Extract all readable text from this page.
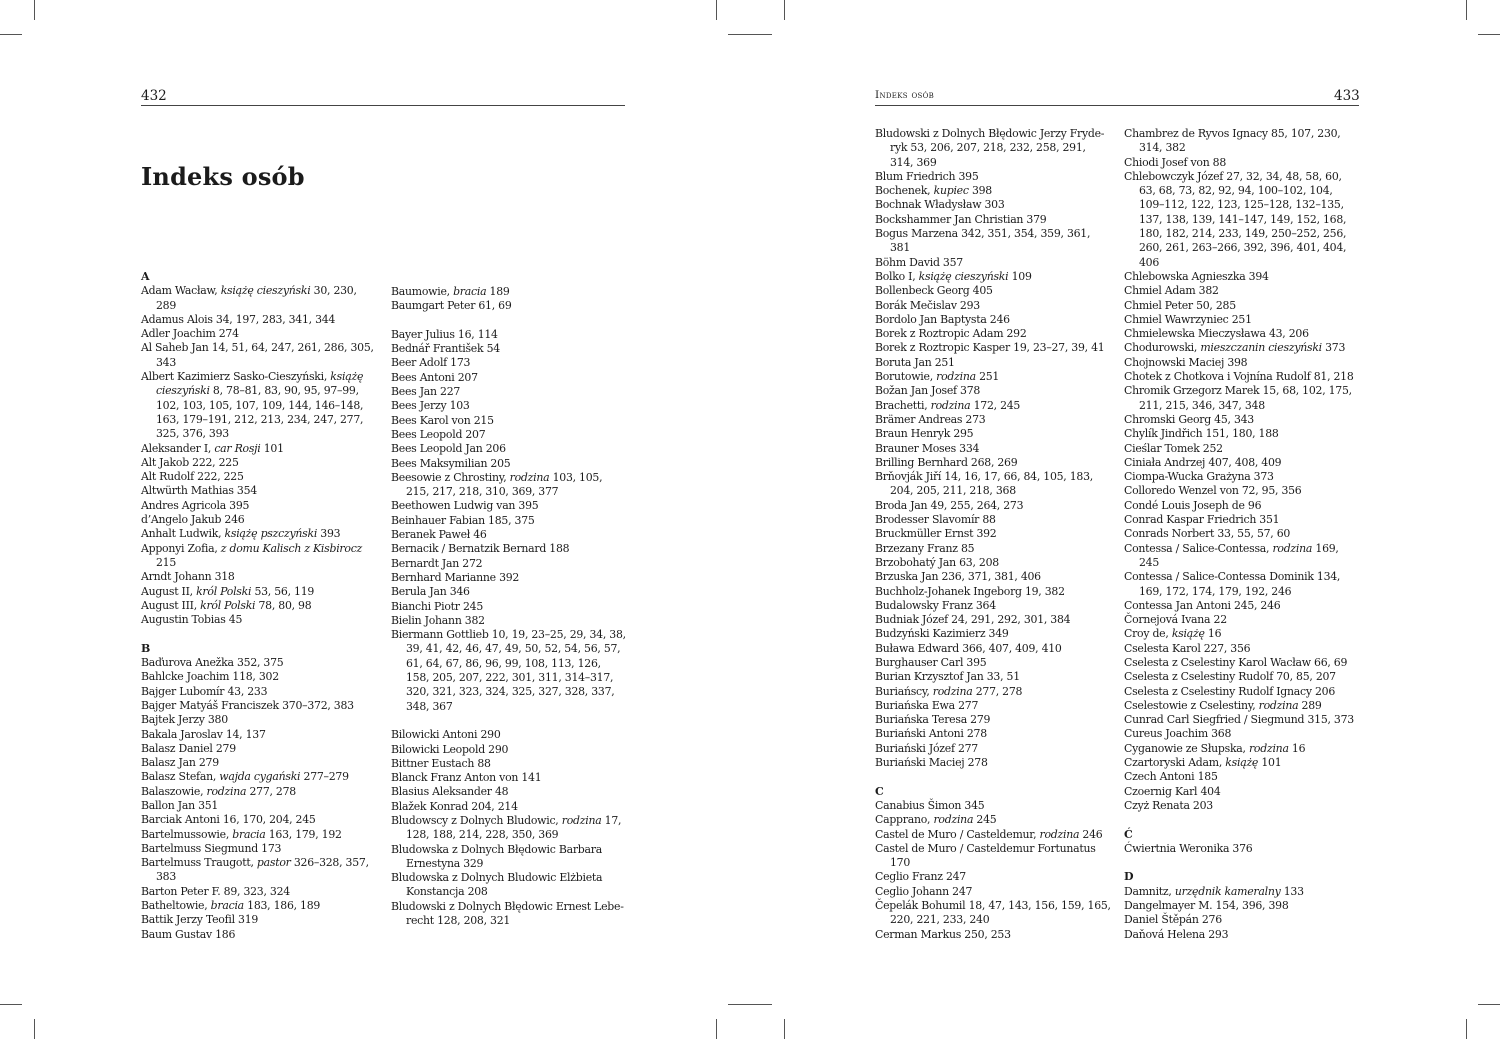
432
Indeks osób
A
Adam Wacław, książę cieszyński 30, 230, 289
Adamus Alois 34, 197, 283, 341, 344
Adler Joachim 274
Al Saheb Jan 14, 51, 64, 247, 261, 286, 305, 343
Albert Kazimierz Sasko-Cieszyński, książę cieszyński 8, 78–81, 83, 90, 95, 97–99, 102, 103, 105, 107, 109, 144, 146–148, 163, 179–191, 212, 213, 234, 247, 277, 325, 376, 393
Aleksander I, car Rosji 101
Alt Jakob 222, 225
Alt Rudolf 222, 225
Altwürth Mathias 354
Andres Agricola 395
d’Angelo Jakub 246
Anhalt Ludwik, książę pszczyński 393
Apponyi Zofia, z domu Kalisch z Kisbirocz 215
Arndt Johann 318
August II, król Polski 53, 56, 119
August III, król Polski 78, 80, 98
Augustin Tobias 45
B
Baďurova Anežka 352, 375
Bahlcke Joachim 118, 302
Bajger Lubomír 43, 233
Bajger Matyáš Franciszek 370–372, 383
Bajtek Jerzy 380
Bakala Jaroslav 14, 137
Balasz Daniel 279
Balasz Jan 279
Balasz Stefan, wajda cygański 277–279
Balaszowie, rodzina 277, 278
Ballon Jan 351
Barciak Antoni 16, 170, 204, 245
Bartelmussowie, bracia 163, 179, 192
Bartelmuss Siegmund 173
Bartelmuss Traugott, pastor 326–328, 357, 383
Barton Peter F. 89, 323, 324
Batheltowie, bracia 183, 186, 189
Battik Jerzy Teofil 319
Baum Gustav 186
Baumowie, bracia 189
Baumgart Peter 61, 69
Bayer Julius 16, 114
Bednář František 54
Beer Adolf 173
Bees Antoni 207
Bees Jan 227
Bees Jerzy 103
Bees Karol von 215
Bees Leopold 207
Bees Leopold Jan 206
Bees Maksymilian 205
Beesowie z Chrostiny, rodzina 103, 105, 215, 217, 218, 310, 369, 377
Beethowen Ludwig van 395
Beinhauer Fabian 185, 375
Beranek Paweł 46
Bernacik / Bernatzik Bernard 188
Bernardt Jan 272
Bernhard Marianne 392
Berula Jan 346
Bianchi Piotr 245
Bielin Johann 382
Biermann Gottlieb 10, 19, 23–25, 29, 34, 38, 39, 41, 42, 46, 47, 49, 50, 52, 54, 56, 57, 61, 64, 67, 86, 96, 99, 108, 113, 126, 158, 205, 207, 222, 301, 311, 314–317, 320, 321, 323, 324, 325, 327, 328, 337, 348, 367
Bilowicki Antoni 290
Bilowicki Leopold 290
Bittner Eustach 88
Blanck Franz Anton von 141
Blasius Aleksander 48
Blažek Konrad 204, 214
Bludowscy z Dolnych Bludowic, rodzina 17, 128, 188, 214, 228, 350, 369
Bludowska z Dolnych Błędowic Barbara Ernestyna 329
Bludowska z Dolnych Bludowic Elżbieta Konstancja 208
Bludowski z Dolnych Błędowic Ernest Lebe-recht 128, 208, 321
Indeks osób	433
Bludowski z Dolnych Błędowic Jerzy Fryde-ryk 53, 206, 207, 218, 232, 258, 291, 314, 369
Blum Friedrich 395
Bochenek, kupiec 398
Bochnak Władysław 303
Bockshammer Jan Christian 379
Bogus Marzena 342, 351, 354, 359, 361, 381
Böhm David 357
Bolko I, książę cieszyński 109
Bollenbeck Georg 405
Borák Mečislav 293
Bordolo Jan Baptysta 246
Borek z Roztropic Adam 292
Borek z Roztropic Kasper 19, 23–27, 39, 41
Boruta Jan 251
Borutowie, rodzina 251
Božan Jan Josef 378
Brachetti, rodzina 172, 245
Brämer Andreas 273
Braun Henryk 295
Brauner Moses 334
Brilling Bernhard 268, 269
Brňovják Jiří 14, 16, 17, 66, 84, 105, 183, 204, 205, 211, 218, 368
Broda Jan 49, 255, 264, 273
Brodesser Slavomír 88
Bruckmüller Ernst 392
Brzezany Franz 85
Brzobohatý Jan 63, 208
Brzuska Jan 236, 371, 381, 406
Buchholz-Johanek Ingeborg 19, 382
Budalowsky Franz 364
Budniak Józef 24, 291, 292, 301, 384
Budzyński Kazimierz 349
Buława Edward 366, 407, 409, 410
Burghauser Carl 395
Burian Krzysztof Jan 33, 51
Buriańscy, rodzina 277, 278
Buriańska Ewa 277
Buriańska Teresa 279
Buriański Antoni 278
Buriański Józef 277
Buriański Maciej 278
C
Canabius Šimon 345
Capprano, rodzina 245
Castel de Muro / Casteldemur, rodzina 246
Castel de Muro / Casteldemur Fortunatus 170
Ceglio Franz 247
Ceglio Johann 247
Čepelák Bohumil 18, 47, 143, 156, 159, 165, 220, 221, 233, 240
Cerman Markus 250, 253
Chambrez de Ryvos Ignacy 85, 107, 230, 314, 382
Chiodi Josef von 88
Chlebowczyk Józef 27, 32, 34, 48, 58, 60, 63, 68, 73, 82, 92, 94, 100–102, 104, 109–112, 122, 123, 125–128, 132–135, 137, 138, 139, 141–147, 149, 152, 168, 180, 182, 214, 233, 149, 250–252, 256, 260, 261, 263–266, 392, 396, 401, 404, 406
Chlebowska Agnieszka 394
Chmiel Adam 382
Chmiel Peter 50, 285
Chmiel Wawrzyniec 251
Chmielewska Mieczysława 43, 206
Chodurowski, mieszczanin cieszyński 373
Chojnowski Maciej 398
Chotek z Chotkova i Vojnína Rudolf 81, 218
Chromik Grzegorz Marek 15, 68, 102, 175, 211, 215, 346, 347, 348
Chromski Georg 45, 343
Chylík Jindřich 151, 180, 188
Cieślar Tomek 252
Ciniała Andrzej 407, 408, 409
Ciompa-Wucka Grażyna 373
Colloredo Wenzel von 72, 95, 356
Condé Louis Joseph de 96
Conrad Kaspar Friedrich 351
Conrads Norbert 33, 55, 57, 60
Contessa / Salice-Contessa, rodzina 169, 245
Contessa / Salice-Contessa Dominik 134, 169, 172, 174, 179, 192, 246
Contessa Jan Antoni 245, 246
Čornejová Ivana 22
Croy de, książę 16
Cselesta Karol 227, 356
Cselesta z Cselestiny Karol Wacław 66, 69
Cselesta z Cselestiny Rudolf 70, 85, 207
Cselesta z Cselestiny Rudolf Ignacy 206
Cselestowie z Cselestiny, rodzina 289
Cunrad Carl Siegfried / Siegmund 315, 373
Cureus Joachim 368
Cyganowie ze Słupska, rodzina 16
Czartoryski Adam, książę 101
Czech Antoni 185
Czoernig Karl 404
Czyż Renata 203
Ć
Ćwiertnia Weronika 376
D
Damnitz, urzędnik kameralny 133
Dangelmayer M. 154, 396, 398
Daniel Štěpán 276
Daňová Helena 293
